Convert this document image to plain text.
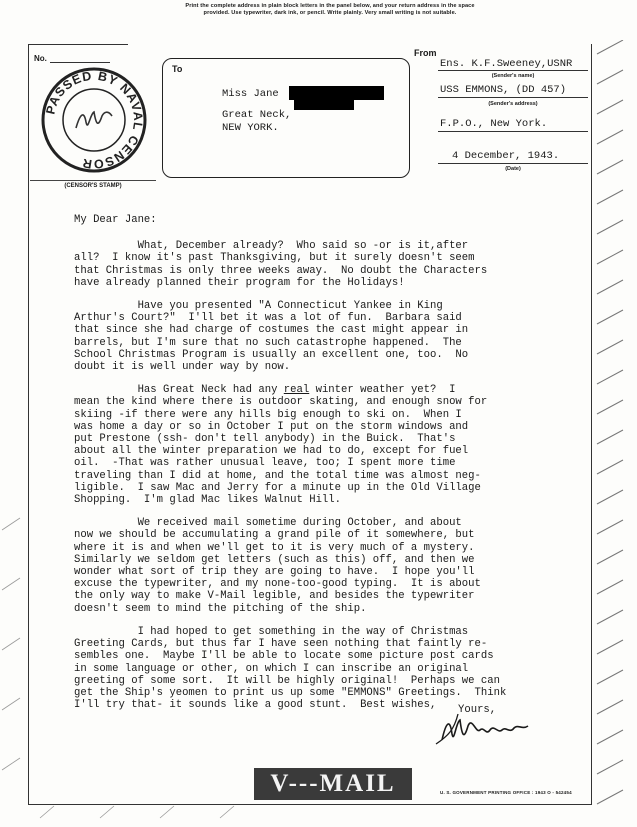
Print the complete address in plain block letters in the panel below, and your return address in the space
provided. Use typewriter, dark ink, or pencil. Write plainly. Very small writing is not suitable.
No.
PASSED BY NAVAL CENSOR
(CENSOR'S STAMP)
To
Miss Jane
Great Neck,
NEW YORK.
From
Ens. K.F.Sweeney,USNR
(Sender's name)
USS EMMONS, (DD 457)
(Sender's address)
F.P.O., New York.
4 December, 1943.
(Date)

My Dear Jane:

What, December already?  Who said so -or is it,after
all?  I know it's past Thanksgiving, but it surely doesn't seem
that Christmas is only three weeks away.  No doubt the Characters
have already planned their program for the Holidays!

Have you presented "A Connecticut Yankee in King
Arthur's Court?"  I'll bet it was a lot of fun.  Barbara said
that since she had charge of costumes the cast might appear in
barrels, but I'm sure that no such catastrophe happened.  The
School Christmas Program is usually an excellent one, too.  No
doubt it is well under way by now.

Has Great Neck had any real winter weather yet?  I
mean the kind where there is outdoor skating, and enough snow for
skiing -if there were any hills big enough to ski on.  When I
was home a day or so in October I put on the storm windows and
put Prestone (ssh- don't tell anybody) in the Buick.  That's
about all the winter preparation we had to do, except for fuel
oil.  -That was rather unusual leave, too; I spent more time
traveling than I did at home, and the total time was almost neg-
ligible.  I saw Mac and Jerry for a minute up in the Old Village
Shopping.  I'm glad Mac likes Walnut Hill.

We received mail sometime during October, and about
now we should be accumulating a grand pile of it somewhere, but
where it is and when we'll get to it is very much of a mystery.
Similarly we seldom get letters (such as this) off, and then we
wonder what sort of trip they are going to have.  I hope you'll
excuse the typewriter, and my none-too-good typing.  It is about
the only way to make V-Mail legible, and besides the typewriter
doesn't seem to mind the pitching of the ship.

I had hoped to get something in the way of Christmas
Greeting Cards, but thus far I have seen nothing that faintly re-
sembles one.  Maybe I'll be able to locate some picture post cards
in some language or other, on which I can inscribe an original
greeting of some sort.  It will be highly original!  Perhaps we can
get the Ship's yeomen to print us up some "EMMONS" Greetings.  Think
I'll try that- it sounds like a good stunt.  Best wishes,	Yours,
V---MAIL	U. S. GOVERNMENT PRINTING OFFICE : 1943 O - 542454
